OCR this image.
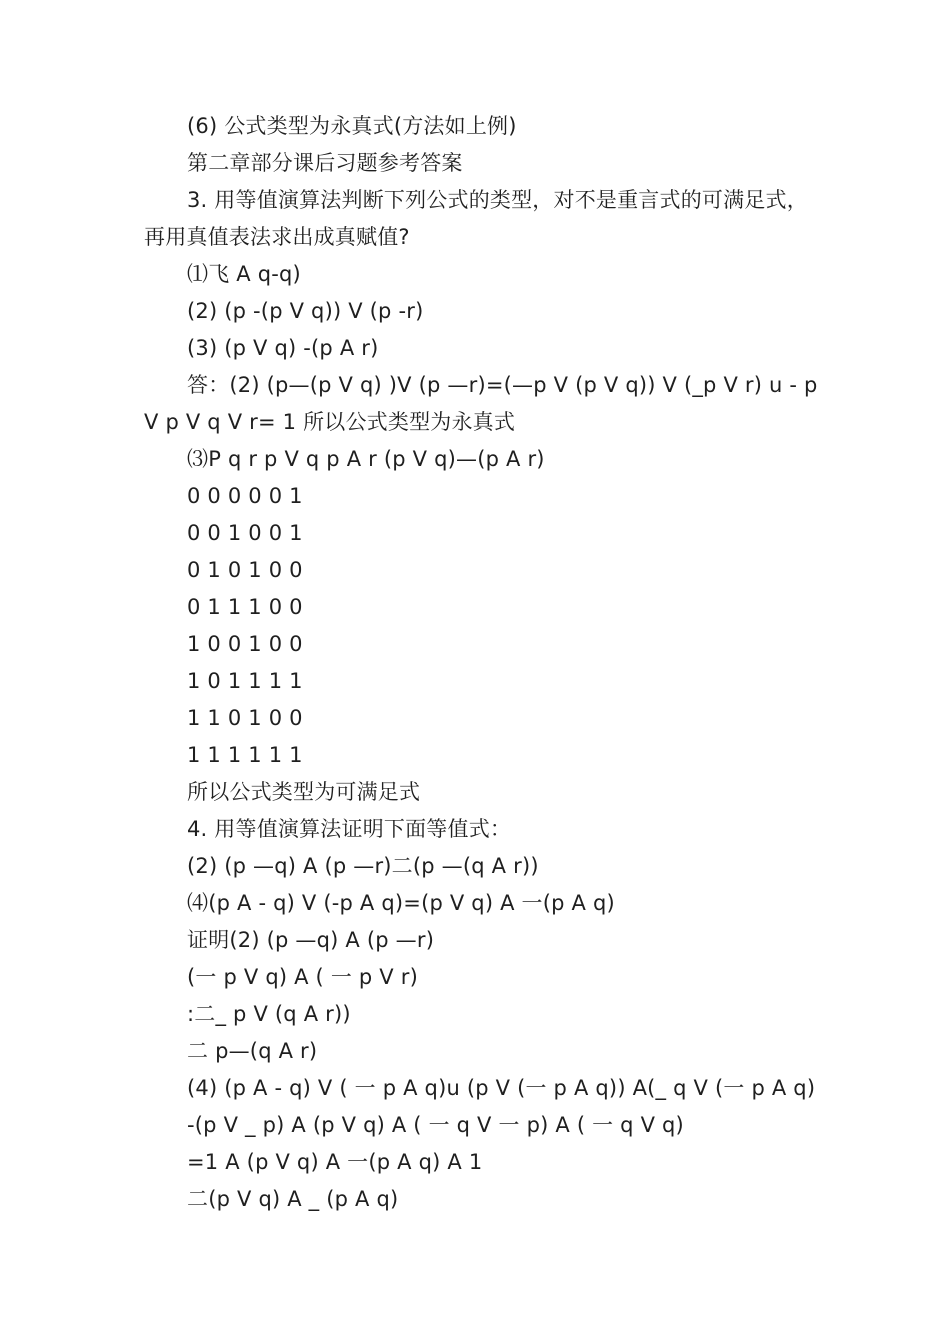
(6) 公式类型为永真式(方法如上例)
第二章部分课后习题参考答案
3. 用等值演算法判断下列公式的类型，对不是重言式的可满足式，
再用真值表法求出成真赋值?
⑴飞 A q-q)
(2) (p -(p V q)) V (p -r)
(3) (p V q) -(p A r)
答：(2) (p—(p V q) )V (p —r)=(—p V (p V q)) V (_p V r) u - p
V p V q V r= 1 所以公式类型为永真式
⑶P q r p V q p A r (p V q)—(p A r)
0 0 0 0 0 1
0 0 1 0 0 1
0 1 0 1 0 0
0 1 1 1 0 0
1 0 0 1 0 0
1 0 1 1 1 1
1 1 0 1 0 0
1 1 1 1 1 1
所以公式类型为可满足式
4. 用等值演算法证明下面等值式：
(2) (p —q) A (p —r)二(p —(q A r))
⑷(p A - q) V (-p A q)=(p V q) A 一(p A q)
证明(2) (p —q) A (p —r)
(一 p V q) A ( 一 p V r)
:二_ p V (q A r))
二 p—(q A r)
(4) (p A - q) V ( 一 p A q)u (p V (一 p A q)) A(_ q V (一 p A q)
-(p V _ p) A (p V q) A ( 一 q V 一 p) A ( 一 q V q)
=1 A (p V q) A 一(p A q) A 1
二(p V q) A _ (p A q)
